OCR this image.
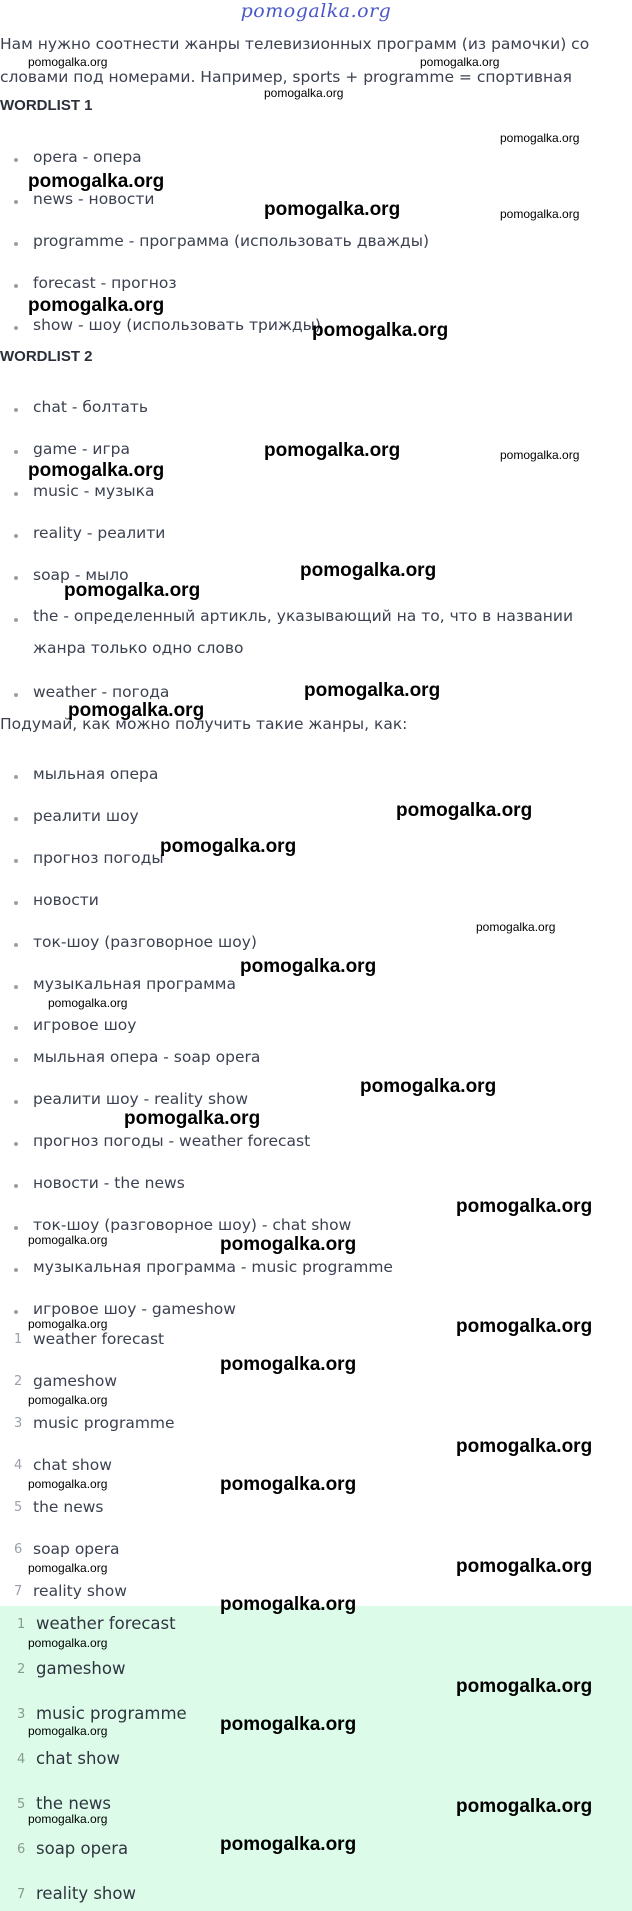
pomogalka.org
Нам нужно соотнести жанры телевизионных программ (из рамочки) со словами под номерами. Например, sports + programme = спортивная
WORDLIST 1
opera - опера
news - новости
programme - программа (использовать дважды)
forecast - прогноз
show - шоу (использовать трижды)
WORDLIST 2
chat - болтать
game - игра
music - музыка
reality - реалити
soap - мыло
the - определенный артикль, указывающий на то, что в названии жанра только одно слово
weather - погода
Подумай, как можно получить такие жанры, как:
мыльная опера
реалити шоу
прогноз погоды
новости
ток-шоу (разговорное шоу)
музыкальная программа
игровое шоу
мыльная опера - soap opera
реалити шоу - reality show
прогноз погоды - weather forecast
новости - the news
ток-шоу (разговорное шоу) - chat show
музыкальная программа - music programme
игровое шоу - gameshow
1 weather forecast
2 gameshow
3 music programme
4 chat show
5 the news
6 soap opera
7 reality show
1 weather forecast
2 gameshow
3 music programme
4 chat show
5 the news
6 soap opera
7 reality show
pomogalka.org	pomogalka.org
pomogalka.org
pomogalka.org
pomogalka.org
pomogalka.org	pomogalka.org
pomogalka.org
pomogalka.org
pomogalka.org	pomogalka.org
pomogalka.org
pomogalka.org
pomogalka.org
pomogalka.org
pomogalka.org
pomogalka.org
pomogalka.org
pomogalka.org
pomogalka.org
pomogalka.org
pomogalka.org
pomogalka.org
pomogalka.org
pomogalka.org	pomogalka.org
pomogalka.org	pomogalka.org
pomogalka.org
pomogalka.org
pomogalka.org
pomogalka.org	pomogalka.org
pomogalka.org	pomogalka.org
pomogalka.org
pomogalka.org
pomogalka.org
pomogalka.org	pomogalka.org
pomogalka.org
pomogalka.org
pomogalka.org
